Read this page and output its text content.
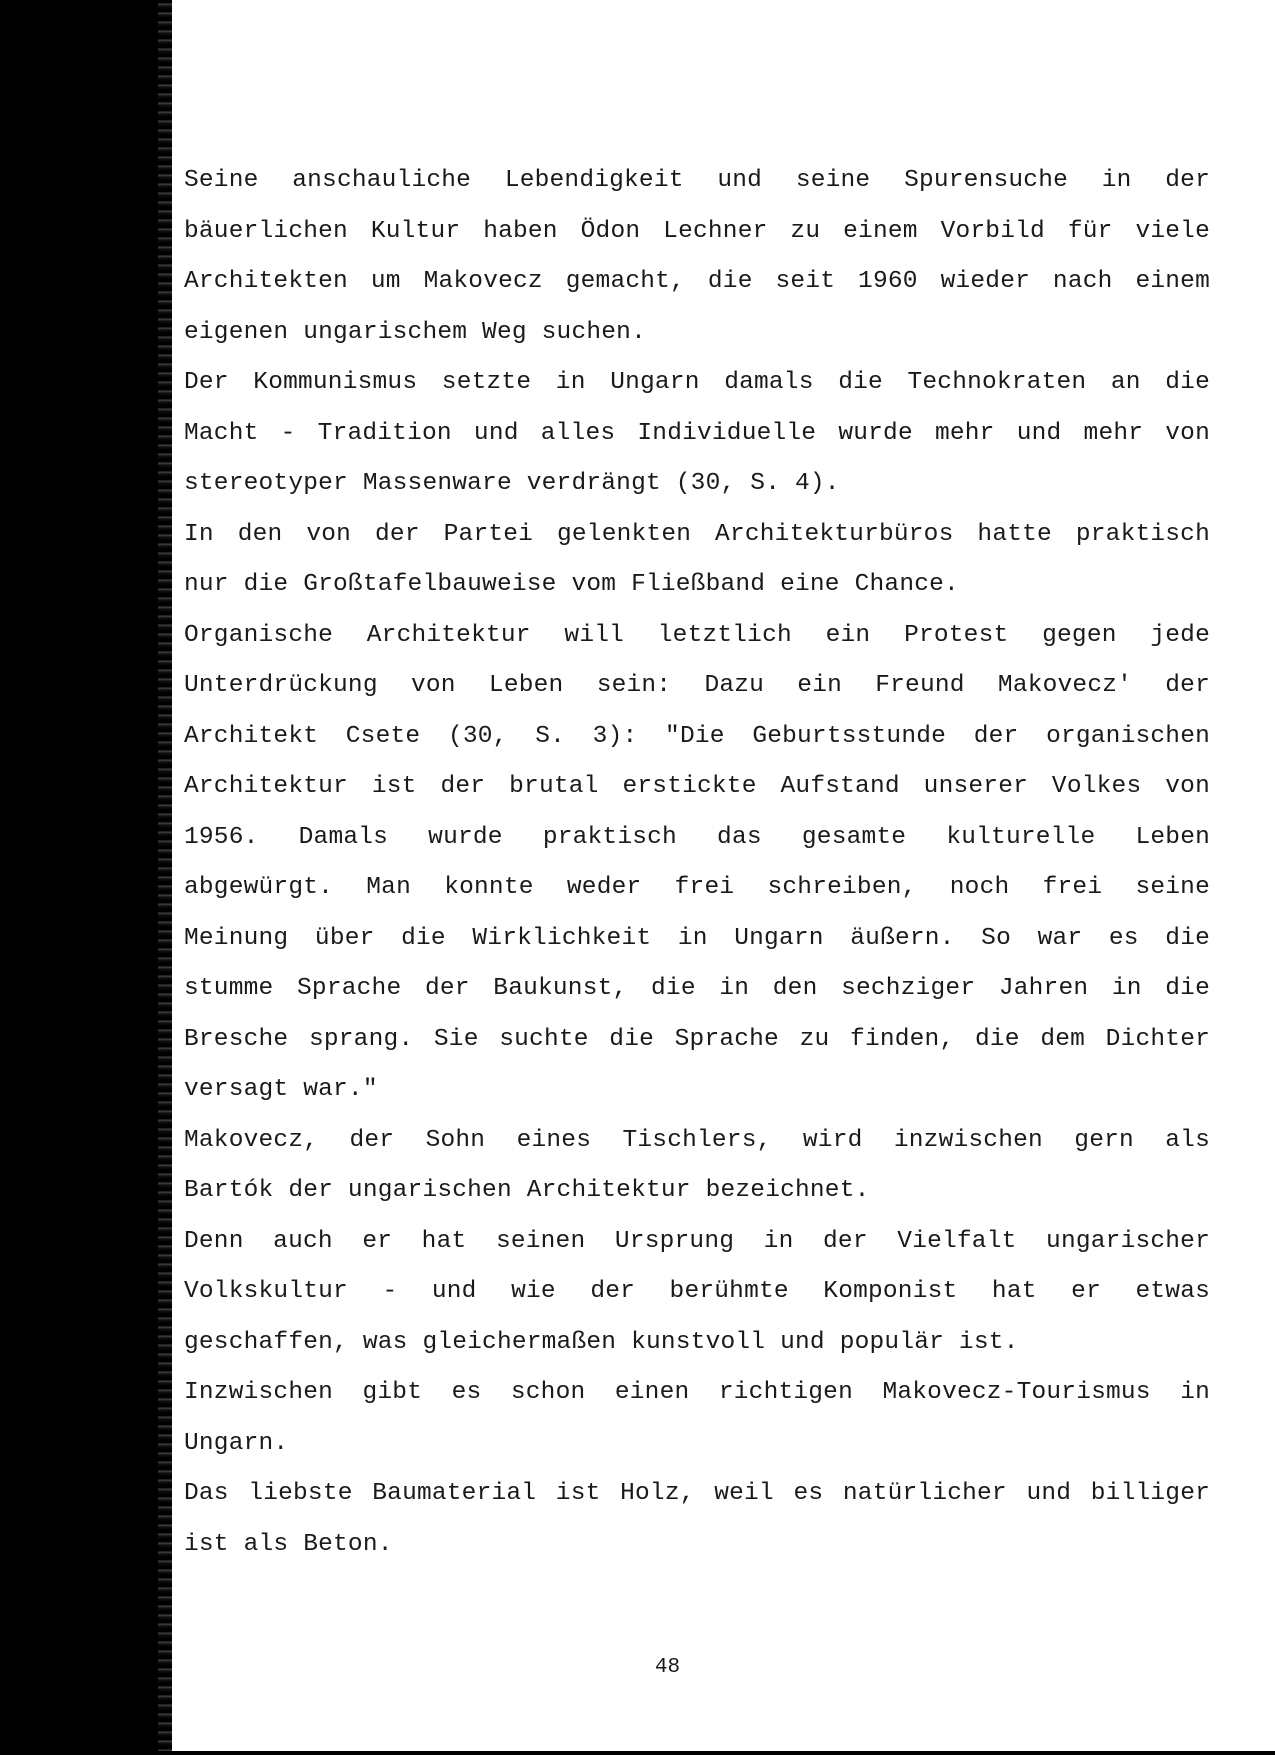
Seine anschauliche Lebendigkeit und seine Spurensuche in der
bäuerlichen Kultur haben Ödon Lechner zu einem Vorbild für viele
Architekten um Makovecz gemacht, die seit 1960 wieder nach einem
eigenen ungarischem Weg suchen.
Der Kommunismus setzte in Ungarn damals die Technokraten an die
Macht - Tradition und alles Individuelle wurde mehr und mehr von
stereotyper Massenware verdrängt (30, S. 4).
In den von der Partei gelenkten Architekturbüros hatte praktisch
nur die Großtafelbauweise vom Fließband eine Chance.
Organische Architektur will letztlich ein Protest gegen jede
Unterdrückung von Leben sein: Dazu ein Freund Makovecz' der
Architekt Csete (30, S. 3): "Die Geburtsstunde der organischen
Architektur ist der brutal erstickte Aufstand unserer Volkes von
1956. Damals wurde praktisch das gesamte kulturelle Leben
abgewürgt. Man konnte weder frei schreiben, noch frei seine
Meinung über die Wirklichkeit in Ungarn äußern. So war es die
stumme Sprache der Baukunst, die in den sechziger Jahren in die
Bresche sprang. Sie suchte die Sprache zu finden, die dem Dichter
versagt war."
Makovecz, der Sohn eines Tischlers, wird inzwischen gern als
Bartók der ungarischen Architektur bezeichnet.
Denn auch er hat seinen Ursprung in der Vielfalt ungarischer
Volkskultur - und wie der berühmte Komponist hat er etwas
geschaffen, was gleichermaßen kunstvoll und populär ist.
Inzwischen gibt es schon einen richtigen Makovecz-Tourismus in
Ungarn.
Das liebste Baumaterial ist Holz, weil es natürlicher und billiger
ist als Beton.
48
